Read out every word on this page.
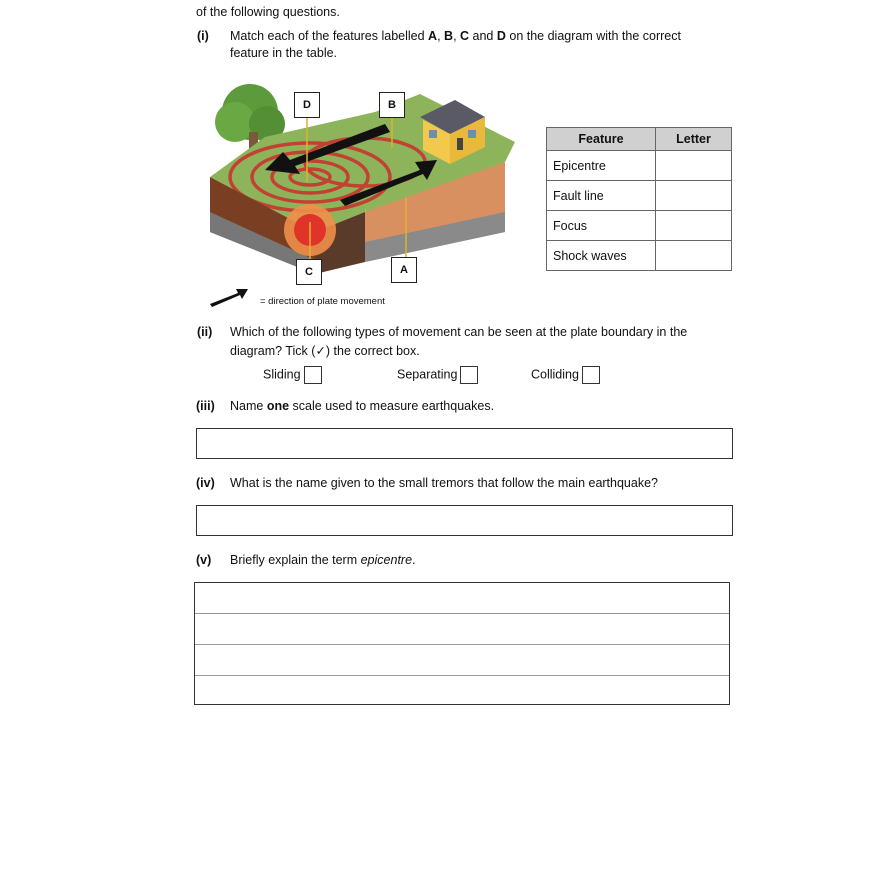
of the following questions.
(i) Match each of the features labelled A, B, C and D on the diagram with the correct
feature in the table.
D	B
C	A
= direction of plate movement
Feature	Letter
Epicentre	
Fault line	
Focus	
Shock waves	
(ii) Which of the following types of movement can be seen at the plate boundary in the
diagram? Tick (✓) the correct box.
Sliding	Separating	Colliding
(iii) Name one scale used to measure earthquakes.
(iv) What is the name given to the small tremors that follow the main earthquake?
(v) Briefly explain the term epicentre.
